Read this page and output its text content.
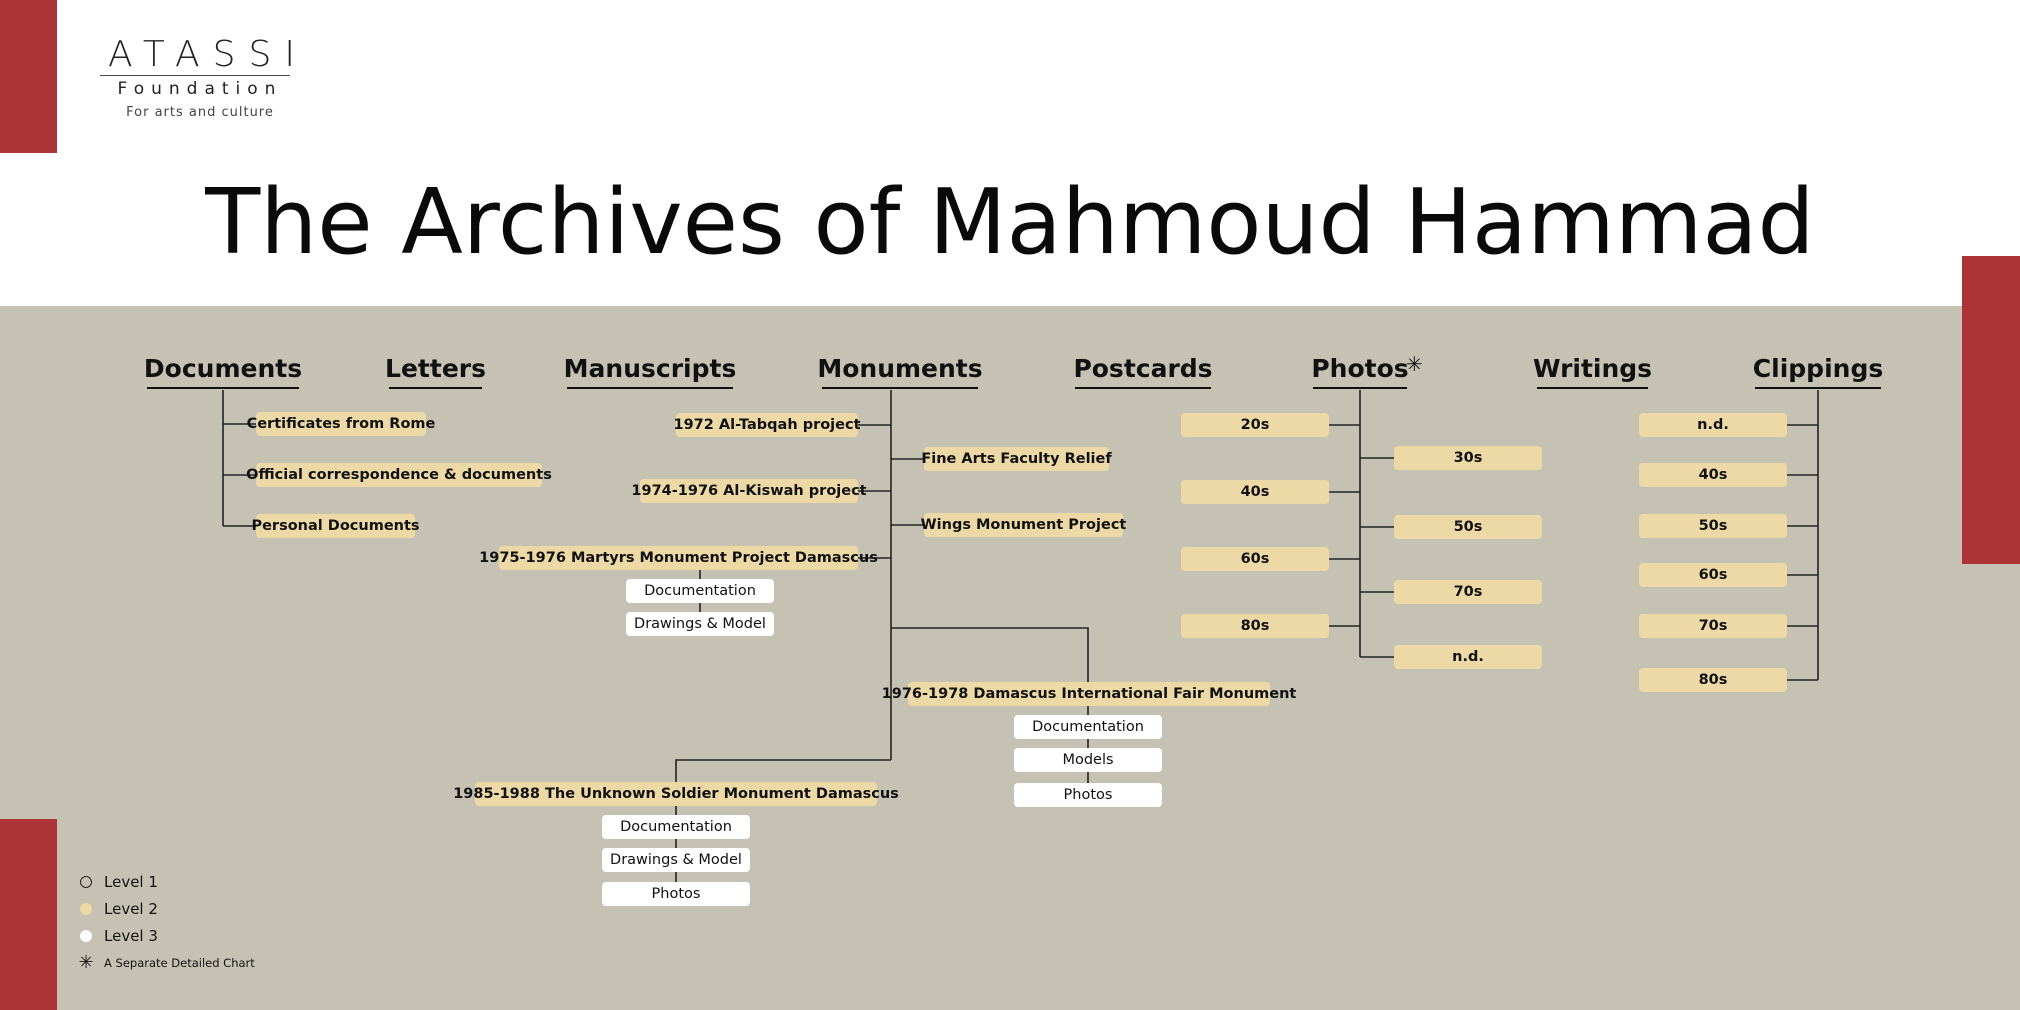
ATASSI
Foundation
For arts and culture
The Archives of Mahmoud Hammad
Documents	Letters	Manuscripts	Monuments	Postcards	Photos
✳	Writings	Clippings
Certificates from Rome
Official correspondence & documents
Personal Documents
1972 Al-Tabqah project
Fine Arts Faculty Relief
1974-1976 Al-Kiswah project
Wings Monument Project
1975-1976 Martyrs Monument Project Damascus
1976-1978 Damascus International Fair Monument
1985-1988 The Unknown Soldier Monument Damascus
Documentation
Drawings & Model
Documentation
Models
Photos
Documentation
Drawings & Model
Photos
20s
40s
60s
80s
30s
50s
70s
n.d.
n.d.
40s
50s
60s
70s
80s
Level 1
Level 2
Level 3
✳ A Separate Detailed Chart
